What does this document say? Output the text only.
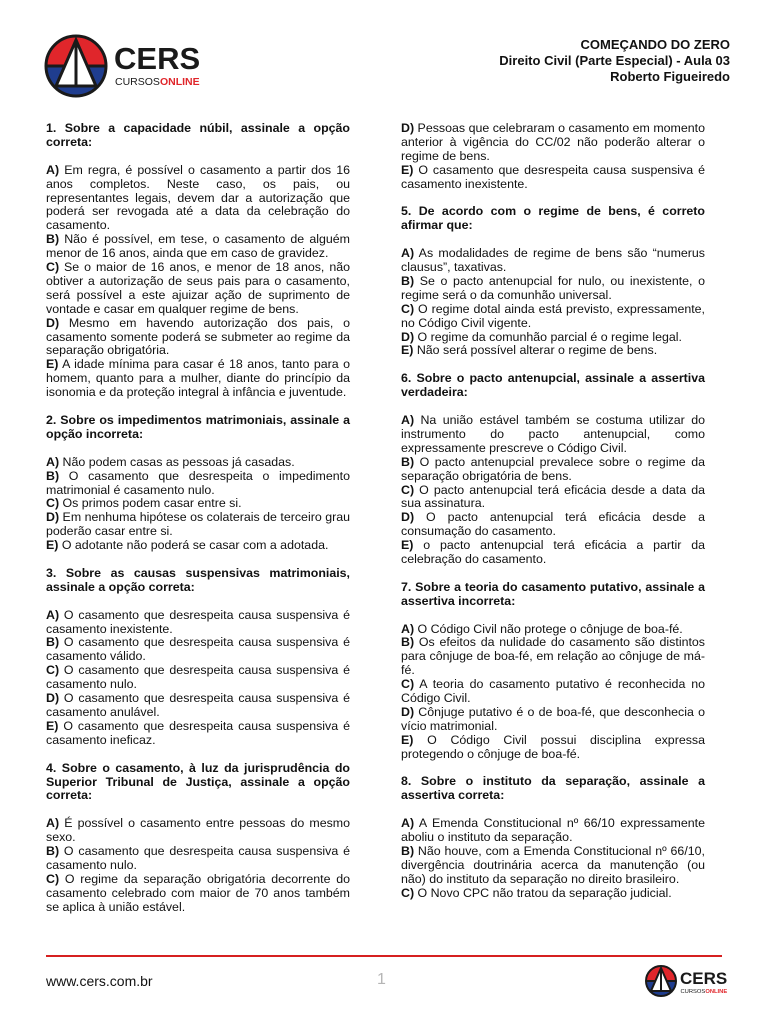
CERS
CURSOSONLINE
COMEÇANDO DO ZERO
Direito Civil (Parte Especial) - Aula 03
Roberto Figueiredo

1. Sobre a capacidade núbil, assinale a opção correta:

A) Em regra, é possível o casamento a partir dos 16 anos completos. Neste caso, os pais, ou representantes legais, devem dar a autorização que poderá ser revogada até a data da celebração do casamento.

B) Não é possível, em tese, o casamento de alguém menor de 16 anos, ainda que em caso de gravidez.

C) Se o maior de 16 anos, e menor de 18 anos, não obtiver a autorização de seus pais para o casamento, será possível a este ajuizar ação de suprimento de vontade e casar em qualquer regime de bens.

D) Mesmo em havendo autorização dos pais, o casamento somente poderá se submeter ao regime da separação obrigatória.

E) A idade mínima para casar é 18 anos, tanto para o homem, quanto para a mulher, diante do princípio da isonomia e da proteção integral à infância e juventude.

2. Sobre os impedimentos matrimoniais, assinale a opção incorreta:

A) Não podem casas as pessoas já casadas.

B) O casamento que desrespeita o impedimento matrimonial é casamento nulo.

C) Os primos podem casar entre si.

D) Em nenhuma hipótese os colaterais de terceiro grau poderão casar entre si.

E) O adotante não poderá se casar com a adotada.

3. Sobre as causas suspensivas matrimoniais, assinale a opção correta:

A) O casamento que desrespeita causa suspensiva é casamento inexistente.

B) O casamento que desrespeita causa suspensiva é casamento válido.

C) O casamento que desrespeita causa suspensiva é casamento nulo.

D) O casamento que desrespeita causa suspensiva é casamento anulável.

E) O casamento que desrespeita causa suspensiva é casamento ineficaz.

4. Sobre o casamento, à luz da jurisprudência do Superior Tribunal de Justiça, assinale a opção correta:

A) É possível o casamento entre pessoas do mesmo sexo.

B) O casamento que desrespeita causa suspensiva é casamento nulo.

C) O regime da separação obrigatória decorrente do casamento celebrado com maior de 70 anos também se aplica à união estável.

D) Pessoas que celebraram o casamento em momento anterior à vigência do CC/02 não poderão alterar o regime de bens.

E) O casamento que desrespeita causa suspensiva é casamento inexistente.

5. De acordo com o regime de bens, é correto afirmar que:

A) As modalidades de regime de bens são “numerus clausus”, taxativas.

B) Se o pacto antenupcial for nulo, ou inexistente, o regime será o da comunhão universal.

C) O regime dotal ainda está previsto, expressamente, no Código Civil vigente.

D) O regime da comunhão parcial é o regime legal.

E) Não será possível alterar o regime de bens.

6. Sobre o pacto antenupcial, assinale a assertiva verdadeira:

A) Na união estável também se costuma utilizar do instrumento do pacto antenupcial, como expressamente prescreve o Código Civil.

B) O pacto antenupcial prevalece sobre o regime da separação obrigatória de bens.

C) O pacto antenupcial terá eficácia desde a data da sua assinatura.

D) O pacto antenupcial terá eficácia desde a consumação do casamento.

E) o pacto antenupcial terá eficácia a partir da celebração do casamento.

7. Sobre a teoria do casamento putativo, assinale a assertiva incorreta:

A) O Código Civil não protege o cônjuge de boa-fé.

B) Os efeitos da nulidade do casamento são distintos para cônjuge de boa-fé, em relação ao cônjuge de má-fé.

C) A teoria do casamento putativo é reconhecida no Código Civil.

D) Cônjuge putativo é o de boa-fé, que desconhecia o vício matrimonial.

E) O Código Civil possui disciplina expressa protegendo o cônjuge de boa-fé.

8. Sobre o instituto da separação, assinale a assertiva correta:

A) A Emenda Constitucional nº 66/10 expressamente aboliu o instituto da separação.

B) Não houve, com a Emenda Constitucional nº 66/10, divergência doutrinária acerca da manutenção (ou não) do instituto da separação no direito brasileiro.

C) O Novo CPC não tratou da separação judicial.

www.cers.com.br	1	CERS
CURSOSONLINE
